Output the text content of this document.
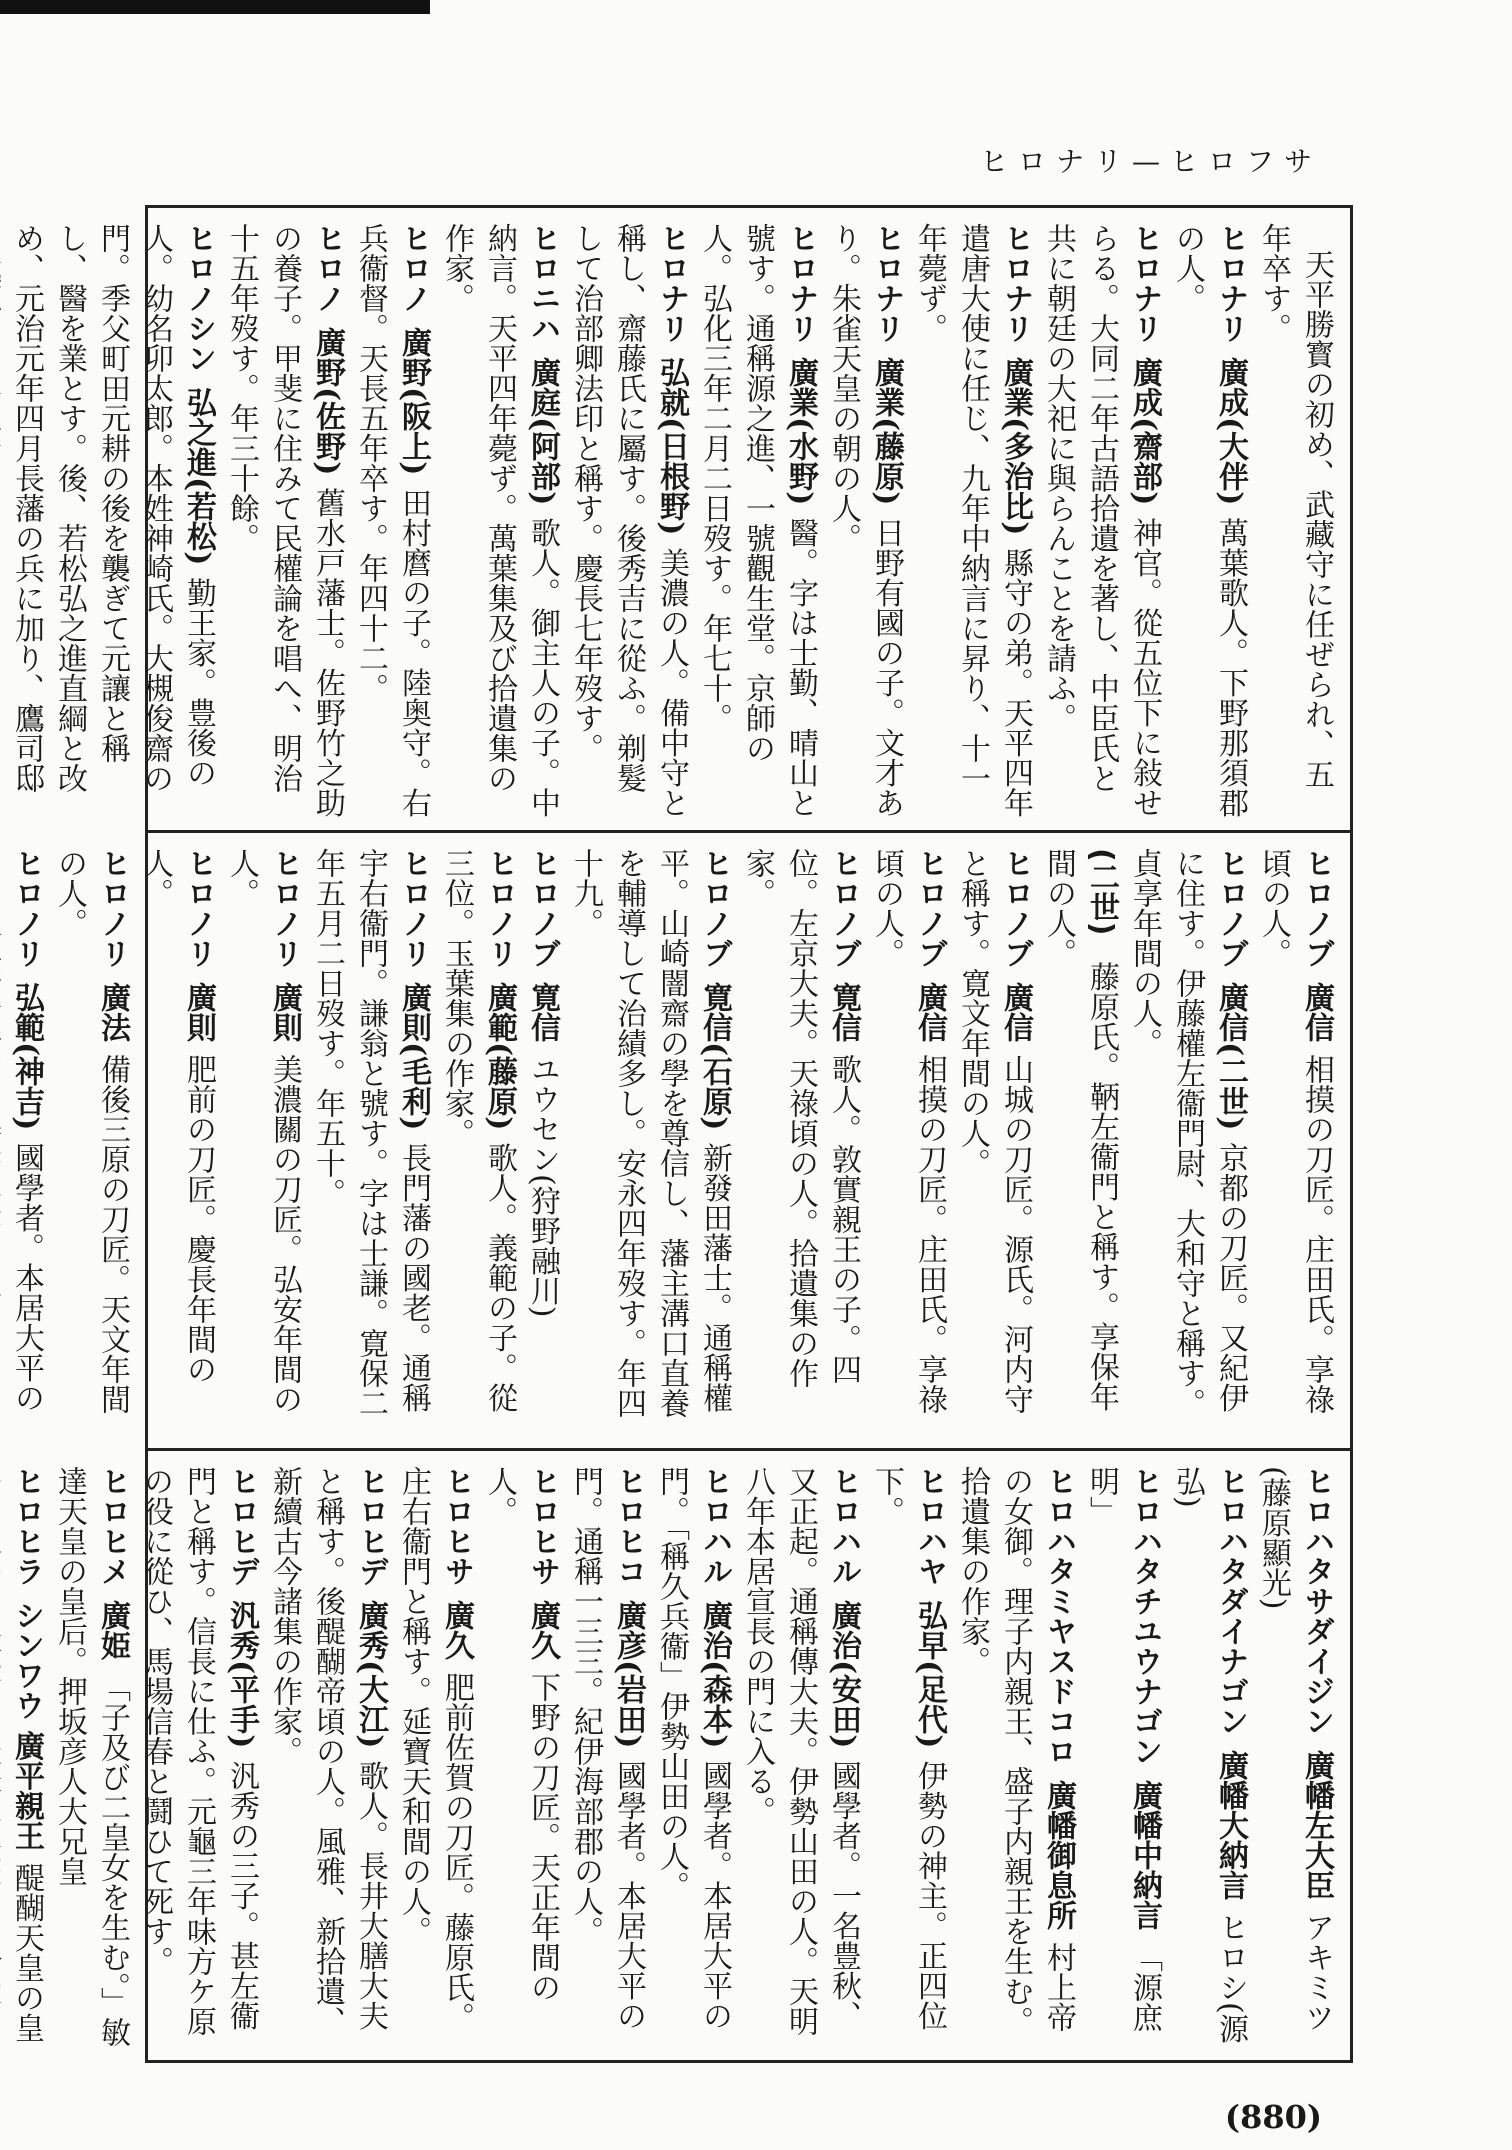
ヒロナリ—ヒロフサ

天平勝寳の初め、武藏守に任ぜられ、五年卒す。

ヒロナリ廣成(大伴)萬葉歌人。下野那須郡の人。

ヒロナリ廣成(齋部)神官。從五位下に敍せらる。大同二年古語拾遺を著し、中臣氏と共に朝廷の大祀に與らんことを請ふ。

ヒロナリ廣業(多治比)縣守の弟。天平四年遣唐大使に任じ、九年中納言に昇り、十一年薨ず。

ヒロナリ廣業(藤原)日野有國の子。文才あり。朱雀天皇の朝の人。

ヒロナリ廣業(水野)醫。字は士勤、晴山と號す。通稱源之進、一號觀生堂。京師の人。弘化三年二月二日歿す。年七十。

ヒロナリ弘就(日根野)美濃の人。備中守と稱し、齋藤氏に屬す。後秀吉に從ふ。剃髮して治部卿法印と稱す。慶長七年歿す。

ヒロニハ廣庭(阿部)歌人。御主人の子。中納言。天平四年薨ず。萬葉集及び拾遺集の作家。

ヒロノ廣野(阪上)田村麿の子。陸奥守。右兵衞督。天長五年卒す。年四十二。

ヒロノ廣野(佐野)舊水戸藩士。佐野竹之助の養子。甲斐に住みて民權論を唱へ、明治十五年歿す。年三十餘。

ヒロノシン弘之進(若松)勤王家。豊後の人。幼名卯太郎。本姓神崎氏。大槻俊齋の門。季父町田元耕の後を襲ぎて元讓と稱し、醫を業とす。後、若松弘之進直綱と改め、元治元年四月長藩の兵に加り、鷹司邸

ヒロノブ廣信相摸の刀匠。庄田氏。享祿頃の人。

ヒロノブ廣信(二世)京都の刀匠。又紀伊に住す。伊藤權左衞門尉、大和守と稱す。貞享年間の人。

(二世)藤原氏。鞆左衞門と稱す。享保年間の人。

ヒロノブ廣信山城の刀匠。源氏。河内守と稱す。寛文年間の人。

ヒロノブ廣信相摸の刀匠。庄田氏。享祿頃の人。

ヒロノブ寛信歌人。敦實親王の子。四位。左京大夫。天祿頃の人。拾遺集の作家。

ヒロノブ寛信(石原)新發田藩士。通稱權平。山崎闇齋の學を尊信し、藩主溝口直養を輔導して治績多し。安永四年歿す。年四十九。

ヒロノブ寛信ユウセン(狩野融川)

ヒロノリ廣範(藤原)歌人。義範の子。從三位。玉葉集の作家。

ヒロノリ廣則(毛利)長門藩の國老。通稱宇右衞門。謙翁と號す。字は士謙。寛保二年五月二日歿す。年五十。

ヒロノリ廣則美濃關の刀匠。弘安年間の人。

ヒロノリ廣則肥前の刀匠。慶長年間の人。

ヒロノリ廣法備後三原の刀匠。天文年間の人。

ヒロノリ弘範(神吉)國學者。本居大平の

ヒロハタサダイジン廣幡左大臣アキミツ(藤原顯光)

ヒロハタダイナゴン廣幡大納言ヒロシ(源弘)

ヒロハタチユウナゴン廣幡中納言「源庶明」

ヒロハタミヤスドコロ廣幡御息所村上帝の女御。理子内親王、盛子内親王を生む。拾遺集の作家。

ヒロハヤ弘早(足代)伊勢の神主。正四位下。

ヒロハル廣治(安田)國學者。一名豊秋、又正起。通稱傳大夫。伊勢山田の人。天明八年本居宣長の門に入る。

ヒロハル廣治(森本)國學者。本居大平の門。「稱久兵衞」伊勢山田の人。

ヒロヒコ廣彦(岩田)國學者。本居大平の門。通稱一三三。紀伊海部郡の人。

ヒロヒサ廣久下野の刀匠。天正年間の人。

ヒロヒサ廣久肥前佐賀の刀匠。藤原氏。庄右衞門と稱す。延寶天和間の人。

ヒロヒデ廣秀(大江)歌人。長井大膳大夫と稱す。後醍醐帝頃の人。風雅、新拾遺、新續古今諸集の作家。

ヒロヒデ汎秀(平手)汎秀の三子。甚左衞門と稱す。信長に仕ふ。元龜三年味方ケ原の役に從ひ、馬場信春と鬪ひて死す。

ヒロヒメ廣姫「子及び二皇女を生む。」敏達天皇の皇后。押坂彦人大兄皇

ヒロヒラシンワウ 廣平親王醍醐天皇の皇

(880)
